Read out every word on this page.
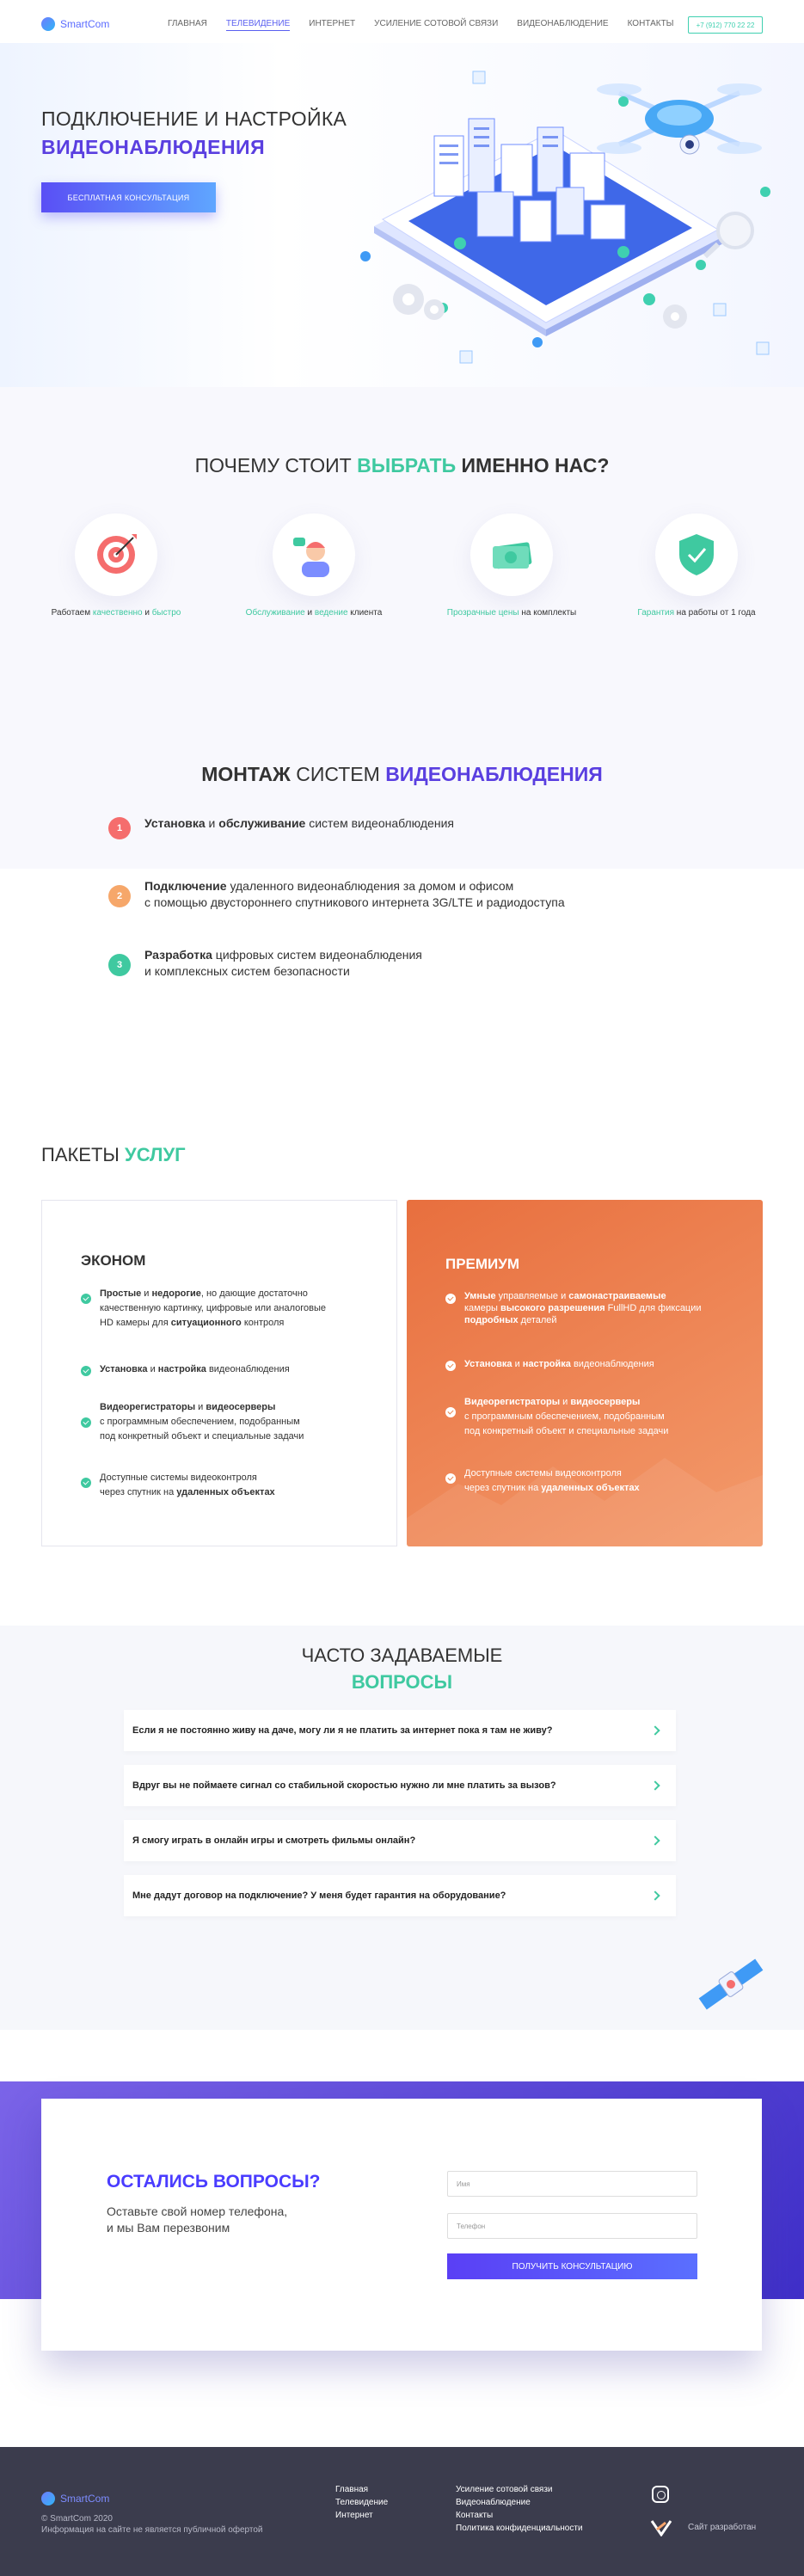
SmartCom	ГЛАВНАЯ ТЕЛЕВИДЕНИЕ ИНТЕРНЕТ УСИЛЕНИЕ СОТОВОЙ СВЯЗИ ВИДЕОНАБЛЮДЕНИЕ КОНТАКТЫ	+7 (912) 770 22 22
ПОДКЛЮЧЕНИЕ И НАСТРОЙКА
ВИДЕОНАБЛЮДЕНИЯ
БЕСПЛАТНАЯ КОНСУЛЬТАЦИЯ
ПОЧЕМУ СТОИТ ВЫБРАТЬ ИМЕННО НАС?
Работаем качественно и быстро	Обслуживание и ведение клиента	Прозрачные цены на комплекты	Гарантия на работы от 1 года
МОНТАЖ СИСТЕМ ВИДЕОНАБЛЮДЕНИЯ
1	Установка и обслуживание систем видеонаблюдения
2
Подключение удаленного видеонаблюдения за домом и офисом
с помощью двустороннего спутникового интернета 3G/LTE и радиодоступа
3
Разработка цифровых систем видеонаблюдения
и комплексных систем безопасности
ПАКЕТЫ УСЛУГ
ЭКОНОМ
Простые и недорогие, но дающие достаточно
качественную картинку, цифровые или аналоговые
HD камеры для ситуационного контроля
Установка и настройка видеонаблюдения
Видеорегистраторы и видеосерверы
с программным обеспечением, подобранным
под конкретный объект и специальные задачи
Доступные системы видеоконтроля
через спутник на удаленных объектах
ПРЕМИУМ
Умные управляемые и самонастраиваемые
камеры высокого разрешения FullHD для фиксации
подробных деталей
Установка и настройка видеонаблюдения
Видеорегистраторы и видеосерверы
с программным обеспечением, подобранным
под конкретный объект и специальные задачи
Доступные системы видеоконтроля
через спутник на удаленных объектах
ЧАСТО ЗАДАВАЕМЫЕ
ВОПРОСЫ
Если я не постоянно живу на даче, могу ли я не платить за интернет пока я там не живу?
Вдруг вы не поймаете сигнал со стабильной скоростью нужно ли мне платить за вызов?
Я смогу играть в онлайн игры и смотреть фильмы онлайн?
Мне дадут договор на подключение? У меня будет гарантия на оборудование?
ОСТАЛИСЬ ВОПРОСЫ?
Оставьте свой номер телефона,
и мы Вам перезвоним
Имя
Телефон
ПОЛУЧИТЬ КОНСУЛЬТАЦИЮ
SmartCom
© SmartCom 2020
Информация на сайте не является публичной офертой
Главная
Телевидение
Интернет
Усиление сотовой связи
Видеонаблюдение
Контакты
Политика конфиденциальности	Сайт разработан
